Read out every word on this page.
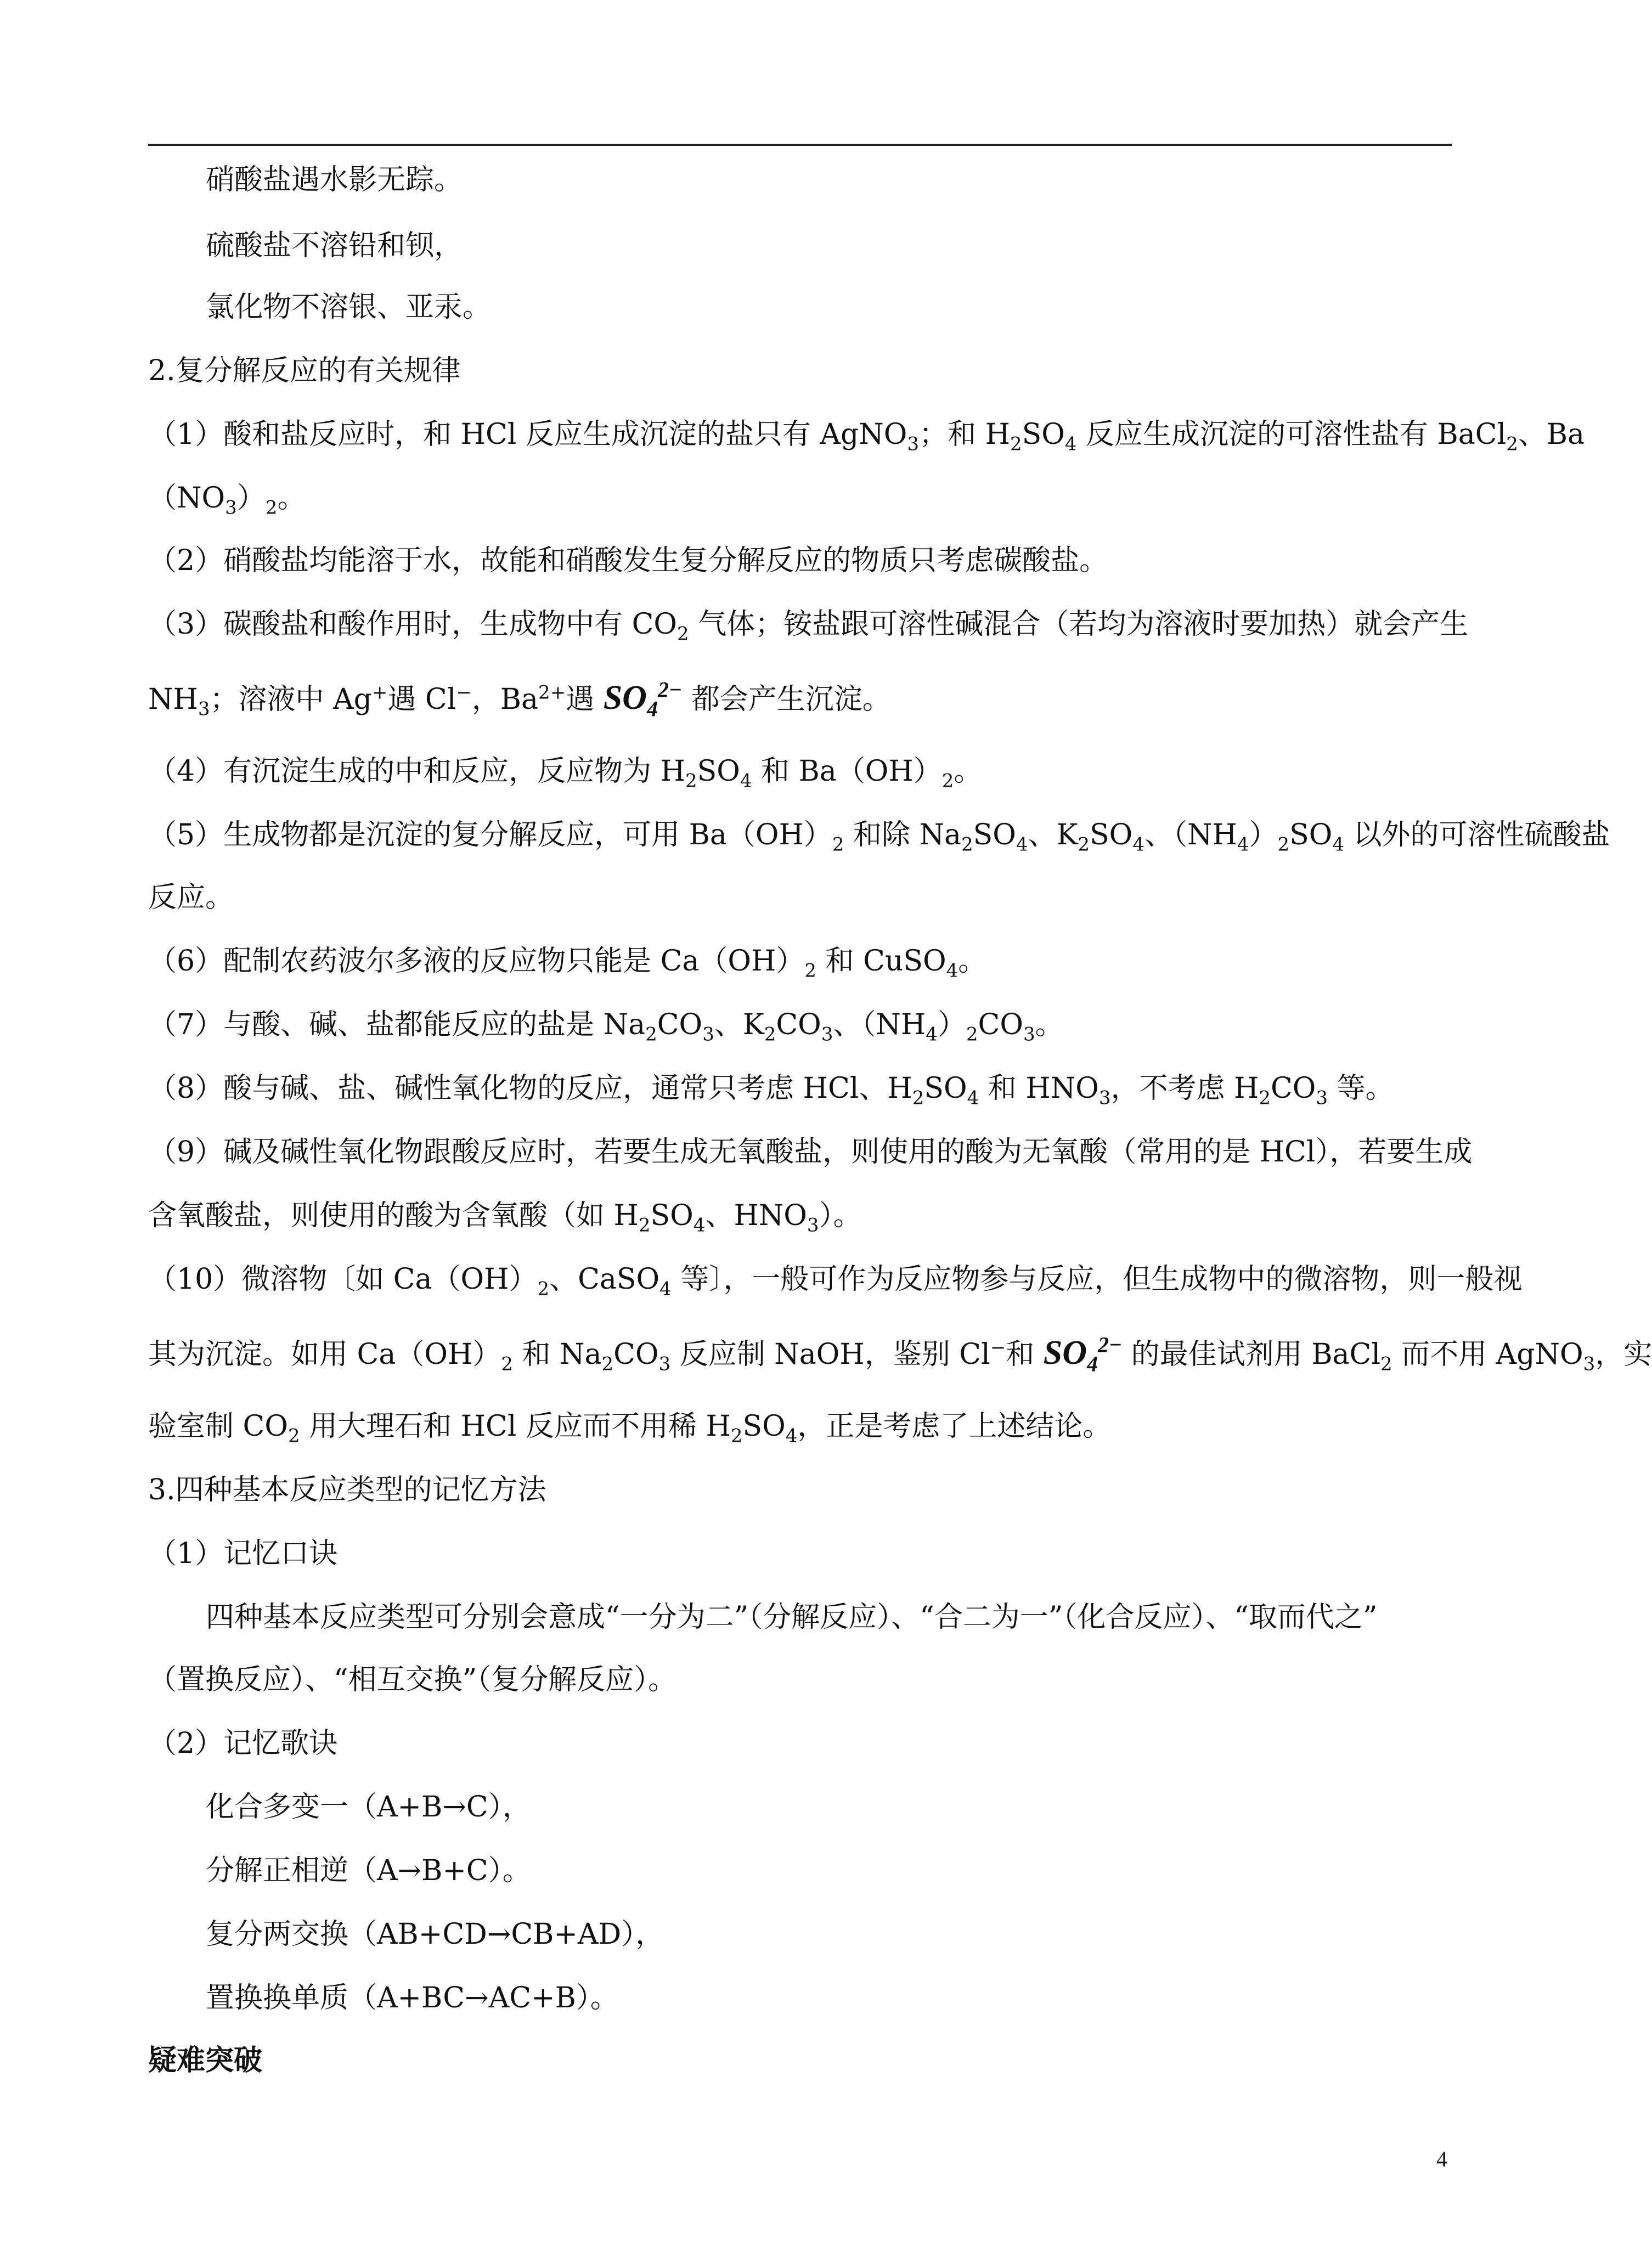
硝酸盐遇水影无踪。
硫酸盐不溶铅和钡，
氯化物不溶银、亚汞。
2.复分解反应的有关规律
（1）酸和盐反应时，和 HCl 反应生成沉淀的盐只有 AgNO$_3$；和 $H_2SO_4$ 反应生成沉淀的可溶性盐有 BaCl$_2$、Ba
$(NO_3)_2$。
（2）硝酸盐均能溶于水，故能和硝酸发生复分解反应的物质只考虑碳酸盐。
（3）碳酸盐和酸作用时，生成物中有 $CO_2$ 气体；铵盐跟可溶性碱混合（若均为溶液时要加热）就会产生
$NH_3$；溶液中 Ag+遇 Cl−，$Ba^{2+}$遇 $SO_4^{2-}$ 都会产生沉淀。
（4）有沉淀生成的中和反应，反应物为 $H_2SO_4$ 和 $Ba(OH)_2$。
（5）生成物都是沉淀的复分解反应，可用 $Ba(OH)_2$ 和除 $Na_2SO_4$、$K_2SO_4$、$(NH_4)_2SO_4$ 以外的可溶性硫酸盐
反应。
（6）配制农药波尔多液的反应物只能是 $Ca(OH)_2$ 和 CuSO$_4$。
（7）与酸、碱、盐都能反应的盐是 $Na_2CO_3$、$K_2CO_3$、$(NH_4)_2CO_3$。
（8）酸与碱、盐、碱性氧化物的反应，通常只考虑 HCl、$H_2SO_4$ 和 $HNO_3$，不考虑 $H_2CO_3$ 等。
（9）碱及碱性氧化物跟酸反应时，若要生成无氧酸盐，则使用的酸为无氧酸（常用的是 HCl），若要生成
含氧酸盐，则使用的酸为含氧酸（如 $H_2SO_4$、$HNO_3$）。
（10）微溶物〔如 $Ca(OH)_2$、CaSO$_4$ 等〕，一般可作为反应物参与反应，但生成物中的微溶物，则一般视
其为沉淀。如用 $Ca(OH)_2$ 和 $Na_2CO_3$ 反应制 NaOH，鉴别 Cl−和 $SO_4^{2-}$ 的最佳试剂用 BaCl$_2$ 而不用 AgNO$_3$，实
验室制 $CO_2$ 用大理石和 HCl 反应而不用稀 $H_2SO_4$，正是考虑了上述结论。
3.四种基本反应类型的记忆方法
（1）记忆口诀
四种基本反应类型可分别会意成“一分为二”（分解反应）、“合二为一”（化合反应）、“取而代之”
（置换反应）、“相互交换”（复分解反应）。
（2）记忆歌诀
化合多变一（A+B→C），
分解正相逆（A→B+C）。
复分两交换（AB+CD→CB+AD），
置换换单质（A+BC→AC+B）。
疑难突破
4
